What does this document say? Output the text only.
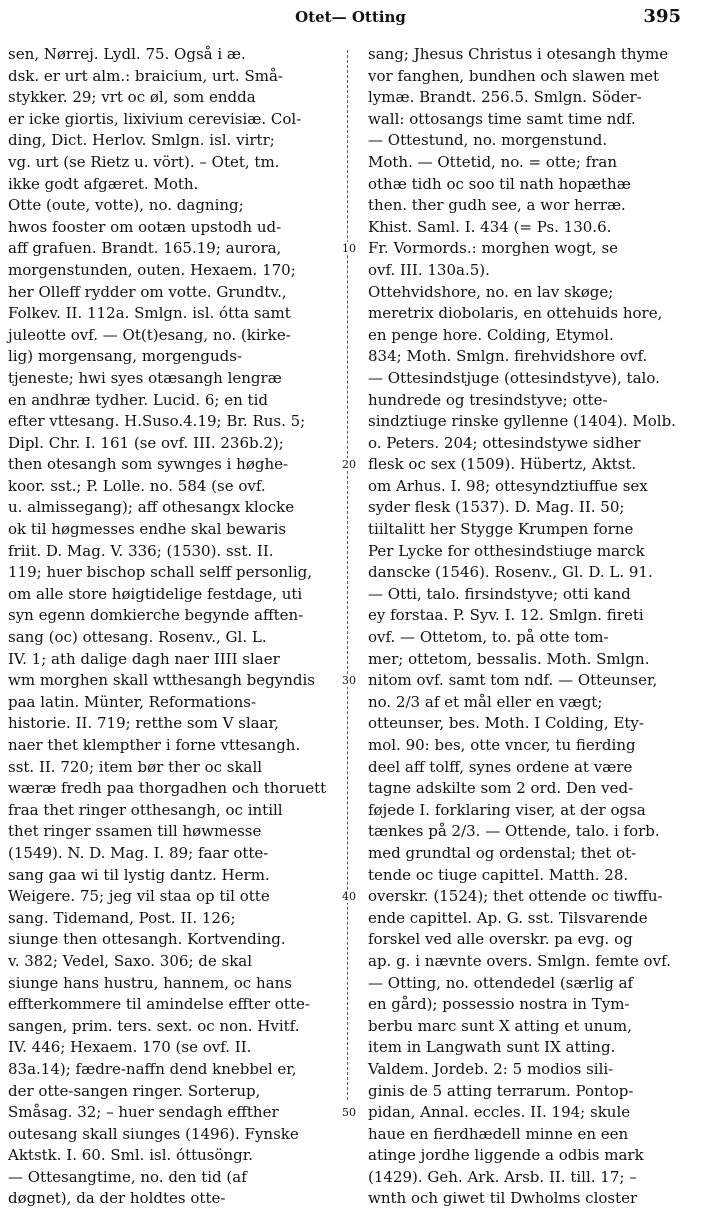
Otet— Otting	395
sen, Nørrej. Lydl. 75. Også i æ.
dsk. er urt alm.: braicium, urt. Små-
stykker. 29; vrt oc øl, som endda
er icke giortis, lixivium cerevisiæ. Col-
ding, Dict. Herlov. Smlgn. isl. virtr;
vg. urt (se Rietz u. vört). – Otet, tm.
ikke godt afgæret. Moth.
Otte (oute, votte), no. dagning;
hwos fooster om ootæn upstodh ud-
aff grafuen. Brandt. 165.19; aurora,
morgenstunden, outen. Hexaem. 170;
her Olleff rydder om votte. Grundtv.,
Folkev. II. 112a. Smlgn. isl. ótta samt
juleotte ovf. — Ot(t)esang, no. (kirke-
lig) morgensang, morgenguds-
tjeneste; hwi syes otæsangh lengræ
en andhræ tydher. Lucid. 6; en tid
efter vttesang. H.Suso.4.19; Br. Rus. 5;
Dipl. Chr. I. 161 (se ovf. III. 236b.2);
then otesangh som sywnges i høghe-
koor. sst.; P. Lolle. no. 584 (se ovf.
u. almissegang); aff othesangx klocke
ok til høgmesses endhe skal bewaris
friit. D. Mag. V. 336; (1530). sst. II.
119; huer bischop schall selff personlig,
om alle store høigtidelige festdage, uti
syn egenn domkierche begynde afften-
sang (oc) ottesang. Rosenv., Gl. L.
IV. 1; ath dalige dagh naer IIII slaer
wm morghen skall wtthesangh begyndis
paa latin. Münter, Reformations-
historie. II. 719; retthe som V slaar,
naer thet klempther i forne vttesangh.
sst. II. 720; item bør ther oc skall
wæræ fredh paa thorgadhen och thoruett
fraa thet ringer otthesangh, oc intill
thet ringer ssamen till høwmesse
(1549). N. D. Mag. I. 89; faar otte-
sang gaa wi til lystig dantz. Herm.
Weigere. 75; jeg vil staa op til otte
sang. Tidemand, Post. II. 126;
siunge then ottesangh. Kortvending.
v. 382; Vedel, Saxo. 306; de skal
siunge hans hustru, hannem, oc hans
effterkommere til amindelse effter otte-
sangen, prim. ters. sext. oc non. Hvitf.
IV. 446; Hexaem. 170 (se ovf. II.
83a.14); fædre-naffn dend knebbel er,
der otte-sangen ringer. Sorterup,
Småsag. 32; – huer sendagh effther
outesang skall siunges (1496). Fynske
Aktstk. I. 60. Sml. isl. óttusöngr.
— Ottesangtime, no. den tid (af
døgnet), da der holdtes otte-
10
20
30
40
50
sang; Jhesus Christus i otesangh thyme
vor fanghen, bundhen och slawen met
lymæ. Brandt. 256.5. Smlgn. Söder-
wall: ottosangs time samt time ndf.
— Ottestund, no. morgenstund.
Moth. — Ottetid, no. = otte; fran
othæ tidh oc soo til nath hopæthæ
then. ther gudh see, a wor herræ.
Khist. Saml. I. 434 (= Ps. 130.6.
Fr. Vormords.: morghen wogt, se
ovf. III. 130a.5).
Ottehvidshore, no. en lav skøge;
meretrix diobolaris, en ottehuids hore,
en penge hore. Colding, Etymol.
834; Moth. Smlgn. firehvidshore ovf.
— Ottesindstjuge (ottesindstyve), talo.
hundrede og tresindstyve; otte-
sindztiuge rinske gyllenne (1404). Molb.
o. Peters. 204; ottesindstywe sidher
flesk oc sex (1509). Hübertz, Aktst.
om Arhus. I. 98; ottesyndztiuffue sex
syder flesk (1537). D. Mag. II. 50;
tiiltalitt her Stygge Krumpen forne
Per Lycke for otthesindstiuge marck
danscke (1546). Rosenv., Gl. D. L. 91.
— Otti, talo. firsindstyve; otti kand
ey forstaa. P. Syv. I. 12. Smlgn. fireti
ovf. — Ottetom, to. på otte tom-
mer; ottetom, bessalis. Moth. Smlgn.
nitom ovf. samt tom ndf. — Otteunser,
no. 2/3 af et mål eller en vægt;
otteunser, bes. Moth. I Colding, Ety-
mol. 90: bes, otte vncer, tu fierding
deel aff tolff, synes ordene at være
tagne adskilte som 2 ord. Den ved-
føjede I. forklaring viser, at der ogsa
tænkes på 2/3. — Ottende, talo. i forb.
med grundtal og ordenstal; thet ot-
tende oc tiuge capittel. Matth. 28.
overskr. (1524); thet ottende oc tiwffu-
ende capittel. Ap. G. sst. Tilsvarende
forskel ved alle overskr. pa evg. og
ap. g. i nævnte overs. Smlgn. femte ovf.
— Otting, no. ottendedel (særlig af
en gård); possessio nostra in Tym-
berbu marc sunt X atting et unum,
item in Langwath sunt IX atting.
Valdem. Jordeb. 2: 5 modios sili-
ginis de 5 atting terrarum. Pontop-
pidan, Annal. eccles. II. 194; skule
haue en fierdhædell minne en een
atinge jordhe liggende a odbis mark
(1429). Geh. Ark. Arsb. II. till. 17; –
wnth och giwet til Dwholms closter
